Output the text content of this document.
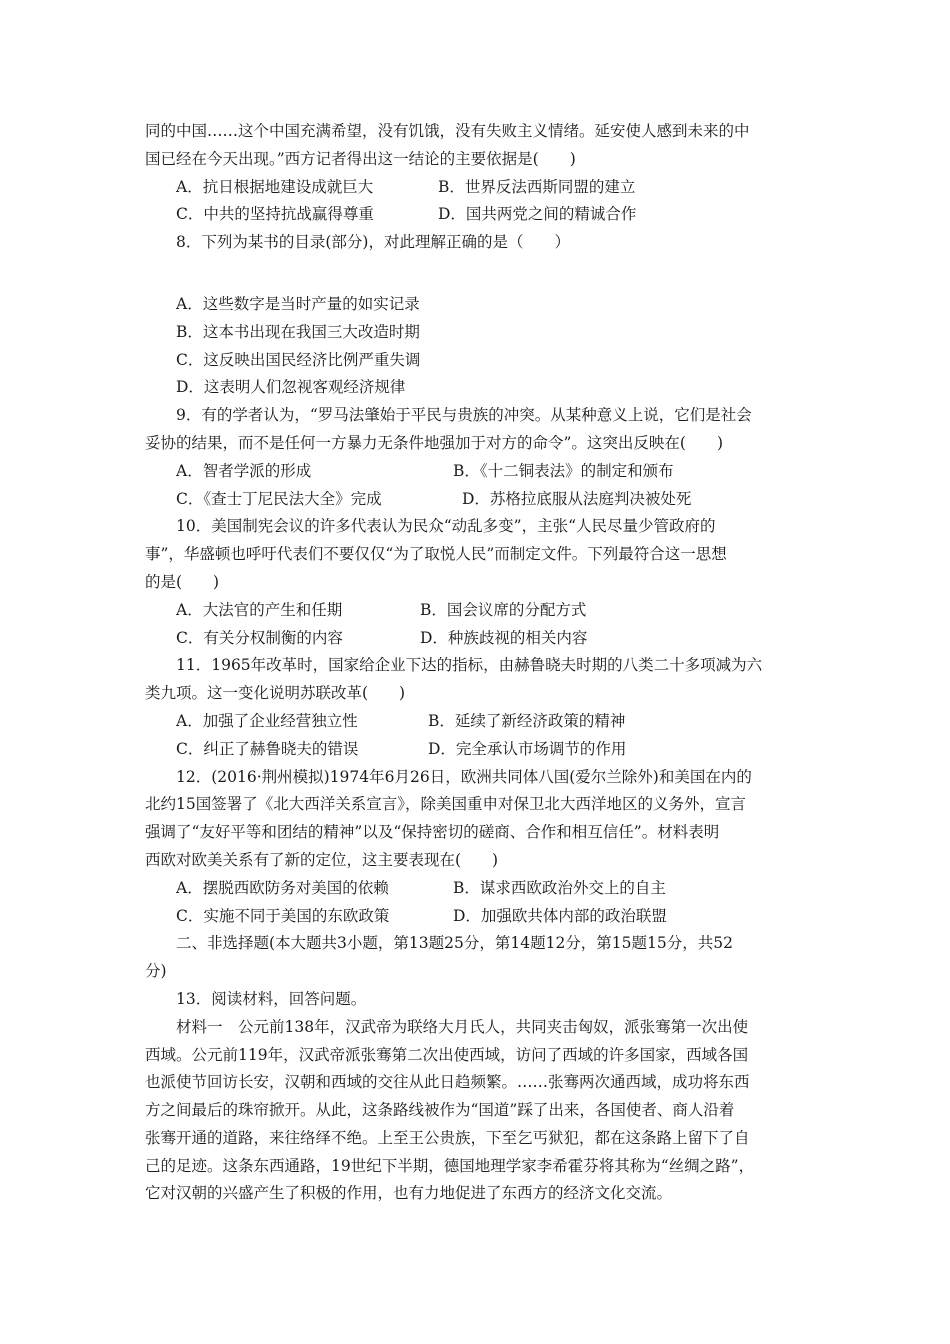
同的中国……这个中国充满希望，没有饥饿，没有失败主义情绪。延安使人感到未来的中

国已经在今天出现。”西方记者得出这一结论的主要依据是(　　)

A．抗日根据地建设成就巨大	B．世界反法西斯同盟的建立
C．中共的坚持抗战赢得尊重	D．国共两党之间的精诚合作

8．下列为某书的目录(部分)，对此理解正确的是（　　）

A．这些数字是当时产量的如实记录

B．这本书出现在我国三大改造时期

C．这反映出国民经济比例严重失调

D．这表明人们忽视客观经济规律

9．有的学者认为，“罗马法肇始于平民与贵族的冲突。从某种意义上说，它们是社会

妥协的结果，而不是任何一方暴力无条件地强加于对方的命令”。这突出反映在(　　)

A．智者学派的形成	B．《十二铜表法》的制定和颁布
C．《查士丁尼民法大全》完成	D．苏格拉底服从法庭判决被处死

10．美国制宪会议的许多代表认为民众“动乱多变”，主张“人民尽量少管政府的

事”，华盛顿也呼吁代表们不要仅仅“为了取悦人民”而制定文件。下列最符合这一思想

的是(　　)

A．大法官的产生和任期	B．国会议席的分配方式
C．有关分权制衡的内容	D．种族歧视的相关内容

11．1965年改革时，国家给企业下达的指标，由赫鲁晓夫时期的八类二十多项减为六

类九项。这一变化说明苏联改革(　　)

A．加强了企业经营独立性	B．延续了新经济政策的精神
C．纠正了赫鲁晓夫的错误	D．完全承认市场调节的作用

12．(2016·荆州模拟)1974年6月26日，欧洲共同体八国(爱尔兰除外)和美国在内的

北约15国签署了《北大西洋关系宣言》，除美国重申对保卫北大西洋地区的义务外，宣言

强调了“友好平等和团结的精神”以及“保持密切的磋商、合作和相互信任”。材料表明

西欧对欧美关系有了新的定位，这主要表现在(　　)

A．摆脱西欧防务对美国的依赖	B．谋求西欧政治外交上的自主
C．实施不同于美国的东欧政策	D．加强欧共体内部的政治联盟

二、非选择题(本大题共3小题，第13题25分，第14题12分，第15题15分，共52

分)

13．阅读材料，回答问题。

材料一　公元前138年，汉武帝为联络大月氏人，共同夹击匈奴，派张骞第一次出使

西域。公元前119年，汉武帝派张骞第二次出使西域，访问了西域的许多国家，西域各国

也派使节回访长安，汉朝和西域的交往从此日趋频繁。……张骞两次通西域，成功将东西

方之间最后的珠帘掀开。从此，这条路线被作为“国道”踩了出来，各国使者、商人沿着

张骞开通的道路，来往络绎不绝。上至王公贵族，下至乞丐狱犯，都在这条路上留下了自

己的足迹。这条东西通路，19世纪下半期，德国地理学家李希霍芬将其称为“丝绸之路”，

它对汉朝的兴盛产生了积极的作用，也有力地促进了东西方的经济文化交流。
